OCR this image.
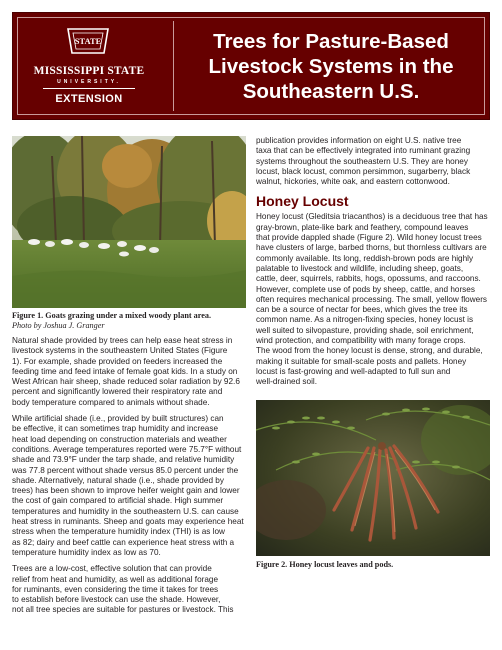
STATE
MISSISSIPPI STATE
UNIVERSITY.
EXTENSION
Trees for Pasture-Based
Livestock Systems in the
Southeastern U.S.
Figure 1. Goats grazing under a mixed woody plant area.
Photo by Joshua J. Granger

Natural shade provided by trees can help ease heat stress in
livestock systems in the southeastern United States (Figure
1). For example, shade provided on feeders increased the
feeding time and feed intake of female goat kids. In a study on
West African hair sheep, shade reduced solar radiation by 92.6
percent and significantly lowered their respiratory rate and
body temperature compared to animals without shade.

While artificial shade (i.e., provided by built structures) can
be effective, it can sometimes trap humidity and increase
heat load depending on construction materials and weather
conditions. Average temperatures reported were 75.7°F without
shade and 73.9°F under the tarp shade, and relative humidity
was 77.8 percent without shade versus 85.0 percent under the
shade. Alternatively, natural shade (i.e., shade provided by
trees) has been shown to improve heifer weight gain and lower
the cost of gain compared to artificial shade. High summer
temperatures and humidity in the southeastern U.S. can cause
heat stress in ruminants. Sheep and goats may experience heat
stress when the temperature humidity index (THI) is as low
as 82; dairy and beef cattle can experience heat stress with a
temperature humidity index as low as 70.

Trees are a low-cost, effective solution that can provide
relief from heat and humidity, as well as additional forage
for ruminants, even considering the time it takes for trees
to establish before livestock can use the shade. However,
not all tree species are suitable for pastures or livestock. This

publication provides information on eight U.S. native tree
taxa that can be effectively integrated into ruminant grazing
systems throughout the southeastern U.S. They are honey
locust, black locust, common persimmon, sugarberry, black
walnut, hickories, white oak, and eastern cottonwood.

Honey Locust

Honey locust (Gleditsia triacanthos) is a deciduous tree that has
gray-brown, plate-like bark and feathery, compound leaves
that provide dappled shade (Figure 2). Wild honey locust trees
have clusters of large, barbed thorns, but thornless cultivars are
commonly available. Its long, reddish-brown pods are highly
palatable to livestock and wildlife, including sheep, goats,
cattle, deer, squirrels, rabbits, hogs, opossums, and raccoons.
However, complete use of pods by sheep, cattle, and horses
often requires mechanical processing. The small, yellow flowers
can be a source of nectar for bees, which gives the tree its
common name. As a nitrogen-fixing species, honey locust is
well suited to silvopasture, providing shade, soil enrichment,
wind protection, and compatibility with many forage crops.
The wood from the honey locust is dense, strong, and durable,
making it suitable for small-scale posts and pallets. Honey
locust is fast-growing and well-adapted to full sun and
well-drained soil.

Figure 2. Honey locust leaves and pods.
